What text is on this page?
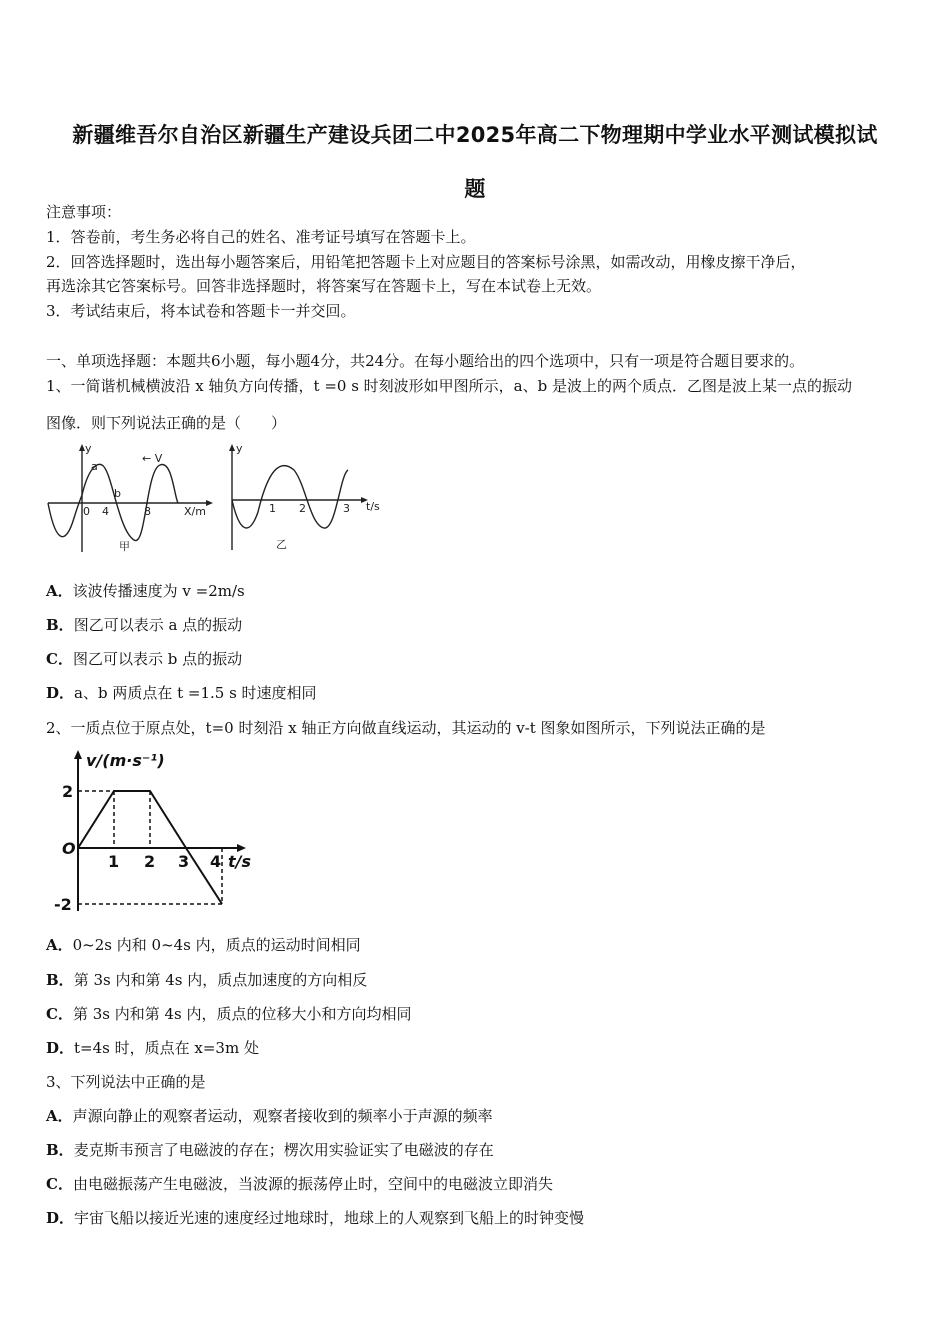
新疆维吾尔自治区新疆生产建设兵团二中2025年高二下物理期中学业水平测试模拟试
题
注意事项：
1．答卷前，考生务必将自己的姓名、准考证号填写在答题卡上。
2．回答选择题时，选出每小题答案后，用铅笔把答题卡上对应题目的答案标号涂黑，如需改动，用橡皮擦干净后，
再选涂其它答案标号。回答非选择题时，将答案写在答题卡上，写在本试卷上无效。
3．考试结束后，将本试卷和答题卡一并交回。
一、单项选择题：本题共6小题，每小题4分，共24分。在每小题给出的四个选项中，只有一项是符合题目要求的。
1、一简谐机械横波沿 x 轴负方向传播，t =0 s 时刻波形如甲图所示，a、b 是波上的两个质点．乙图是波上某一点的振动
图像．则下列说法正确的是（　　）
y
a
b
← V
0 4	8	X/m
甲
y
1 2	3 t/s
乙
A．该波传播速度为 v =2m/s
B．图乙可以表示 a 点的振动
C．图乙可以表示 b 点的振动
D．a、b 两质点在 t =1.5 s 时速度相同
2、一质点位于原点处，t=0 时刻沿 x 轴正方向做直线运动，其运动的 v-t 图象如图所示，下列说法正确的是
v/(m·s⁻¹)
2
O
-2
1 2 3 4 t/s
A．0~2s 内和 0~4s 内，质点的运动时间相同
B．第 3s 内和第 4s 内，质点加速度的方向相反
C．第 3s 内和第 4s 内，质点的位移大小和方向均相同
D．t=4s 时，质点在 x=3m 处
3、下列说法中正确的是
A．声源向静止的观察者运动，观察者接收到的频率小于声源的频率
B．麦克斯韦预言了电磁波的存在；楞次用实验证实了电磁波的存在
C．由电磁振荡产生电磁波，当波源的振荡停止时，空间中的电磁波立即消失
D．宇宙飞船以接近光速的速度经过地球时，地球上的人观察到飞船上的时钟变慢
